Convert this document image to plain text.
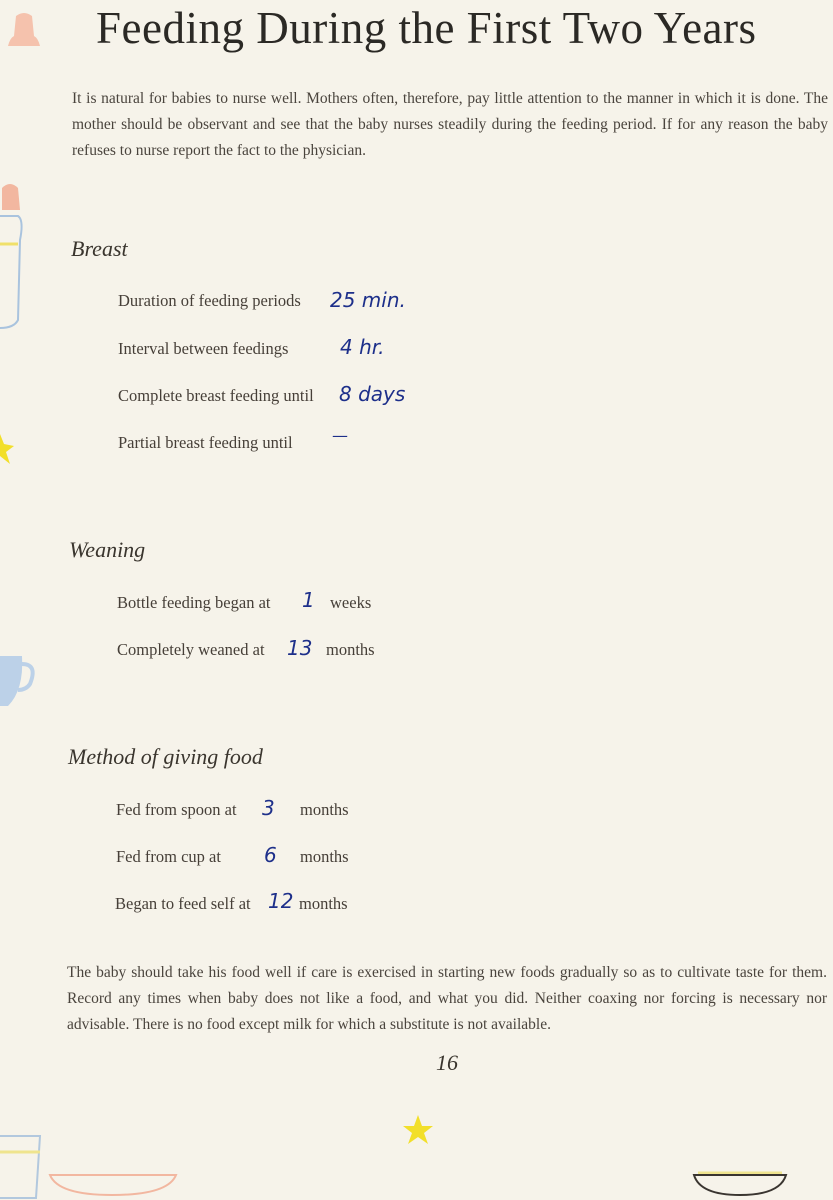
Feeding During the First Two Years
It is natural for babies to nurse well. Mothers often, therefore, pay little attention to the manner in which it is done. The mother should be observant and see that the baby nurses steadily during the feeding period. If for any reason the baby refuses to nurse report the fact to the physician.
Breast
Duration of feeding periods 25 min.
Interval between feedings	4 hr.
Complete breast feeding until 8 days
Partial breast feeding until —
Weaning
Bottle feeding began at 1 weeks
Completely weaned at 13 months
Method of giving food
Fed from spoon at 3 months
Fed from cup at 6 months
Began to feed self at 12 months
The baby should take his food well if care is exercised in starting new foods gradually so as to cultivate taste for them. Record any times when baby does not like a food, and what you did. Neither coaxing nor forcing is necessary nor advisable. There is no food except milk for which a substitute is not available.
16
